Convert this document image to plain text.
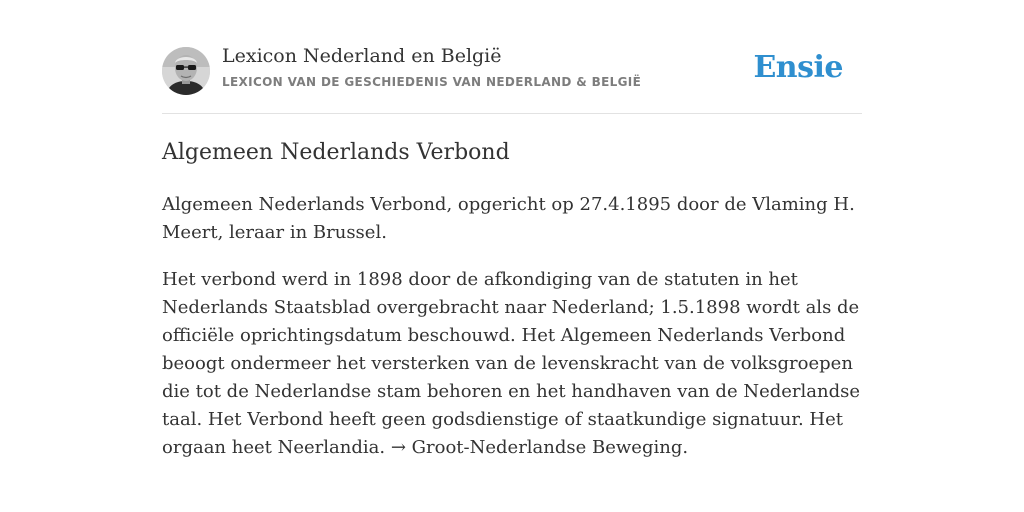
Lexicon Nederland en België
LEXICON VAN DE GESCHIEDENIS VAN NEDERLAND & BELGIË	Ensie
Algemeen Nederlands Verbond

Algemeen Nederlands Verbond, opgericht op 27.4.1895 door de Vlaming H. Meert, leraar in Brussel.

Het verbond werd in 1898 door de afkondiging van de statuten in het Nederlands Staatsblad overgebracht naar Nederland; 1.5.1898 wordt als de officiële oprichtingsdatum beschouwd. Het Algemeen Nederlands Verbond beoogt ondermeer het versterken van de levenskracht van de volksgroepen die tot de Nederlandse stam behoren en het handhaven van de Nederlandse taal. Het Verbond heeft geen godsdienstige of staatkundige signatuur. Het orgaan heet Neerlandia. → Groot-Nederlandse Beweging.
